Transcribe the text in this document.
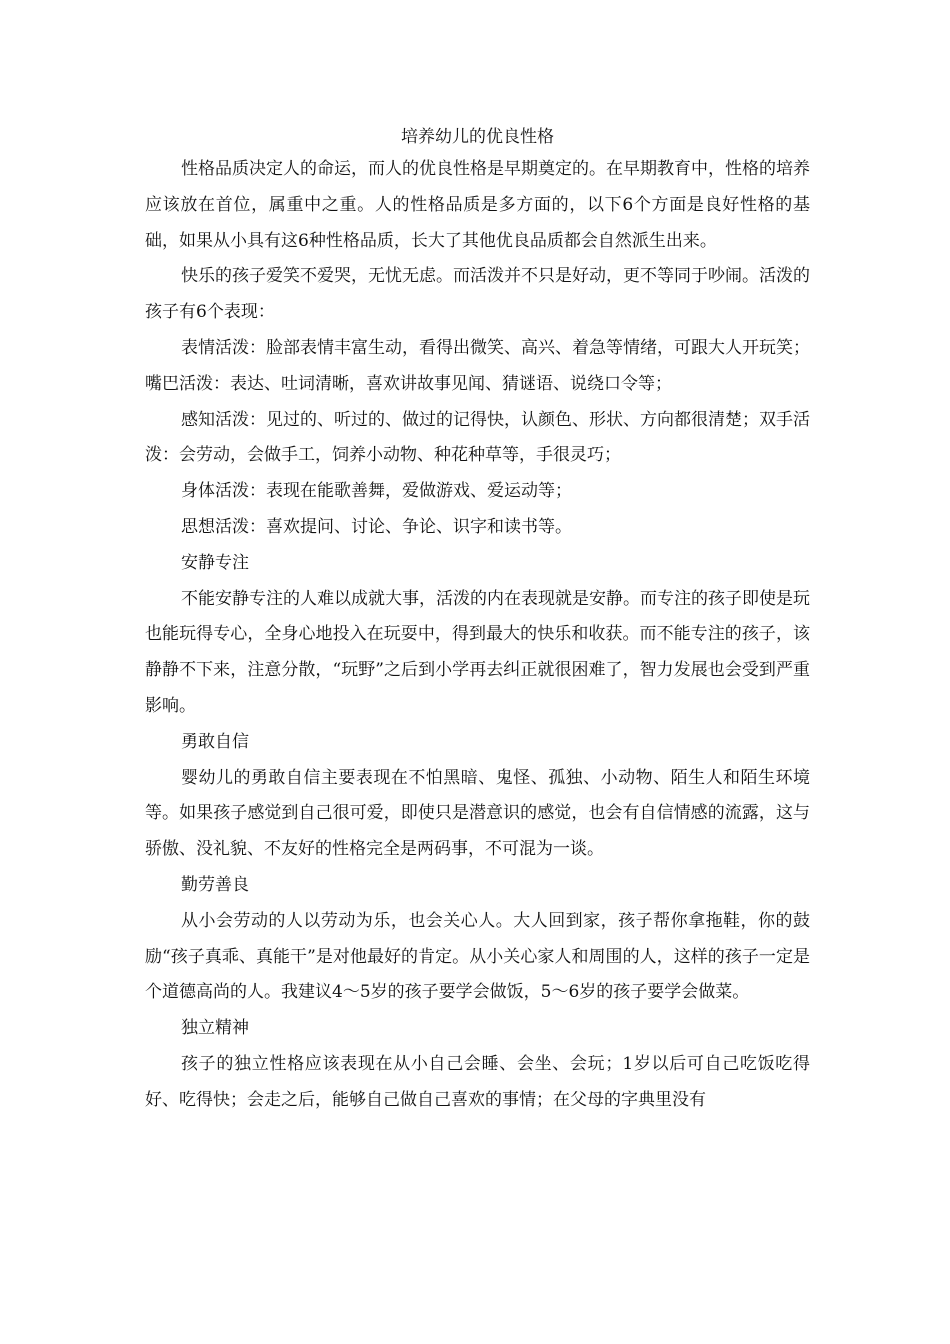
培养幼儿的优良性格

性格品质决定人的命运，而人的优良性格是早期奠定的。在早期教育中，性格的培养应该放在首位，属重中之重。人的性格品质是多方面的，以下6个方面是良好性格的基础，如果从小具有这6种性格品质，长大了其他优良品质都会自然派生出来。

快乐的孩子爱笑不爱哭，无忧无虑。而活泼并不只是好动，更不等同于吵闹。活泼的孩子有6个表现：

表情活泼：脸部表情丰富生动，看得出微笑、高兴、着急等情绪，可跟大人开玩笑； 嘴巴活泼：表达、吐词清晰，喜欢讲故事见闻、猜谜语、说绕口令等；

感知活泼：见过的、听过的、做过的记得快，认颜色、形状、方向都很清楚；双手活泼：会劳动，会做手工，饲养小动物、种花种草等，手很灵巧；

身体活泼：表现在能歌善舞，爱做游戏、爱运动等；

思想活泼：喜欢提问、讨论、争论、识字和读书等。

安静专注

不能安静专注的人难以成就大事，活泼的内在表现就是安静。而专注的孩子即使是玩也能玩得专心，全身心地投入在玩耍中，得到最大的快乐和收获。而不能专注的孩子，该静静不下来，注意分散，“玩野”之后到小学再去纠正就很困难了，智力发展也会受到严重影响。

勇敢自信

婴幼儿的勇敢自信主要表现在不怕黑暗、鬼怪、孤独、小动物、陌生人和陌生环境等。如果孩子感觉到自己很可爱，即使只是潜意识的感觉，也会有自信情感的流露，这与骄傲、没礼貌、不友好的性格完全是两码事，不可混为一谈。

勤劳善良

从小会劳动的人以劳动为乐，也会关心人。大人回到家，孩子帮你拿拖鞋，你的鼓励“孩子真乖、真能干”是对他最好的肯定。从小关心家人和周围的人，这样的孩子一定是个道德高尚的人。我建议4～5岁的孩子要学会做饭，5～6岁的孩子要学会做菜。

独立精神

孩子的独立性格应该表现在从小自己会睡、会坐、会玩；1岁以后可自己吃饭吃得好、吃得快；会走之后，能够自己做自己喜欢的事情；在父母的字典里没有
